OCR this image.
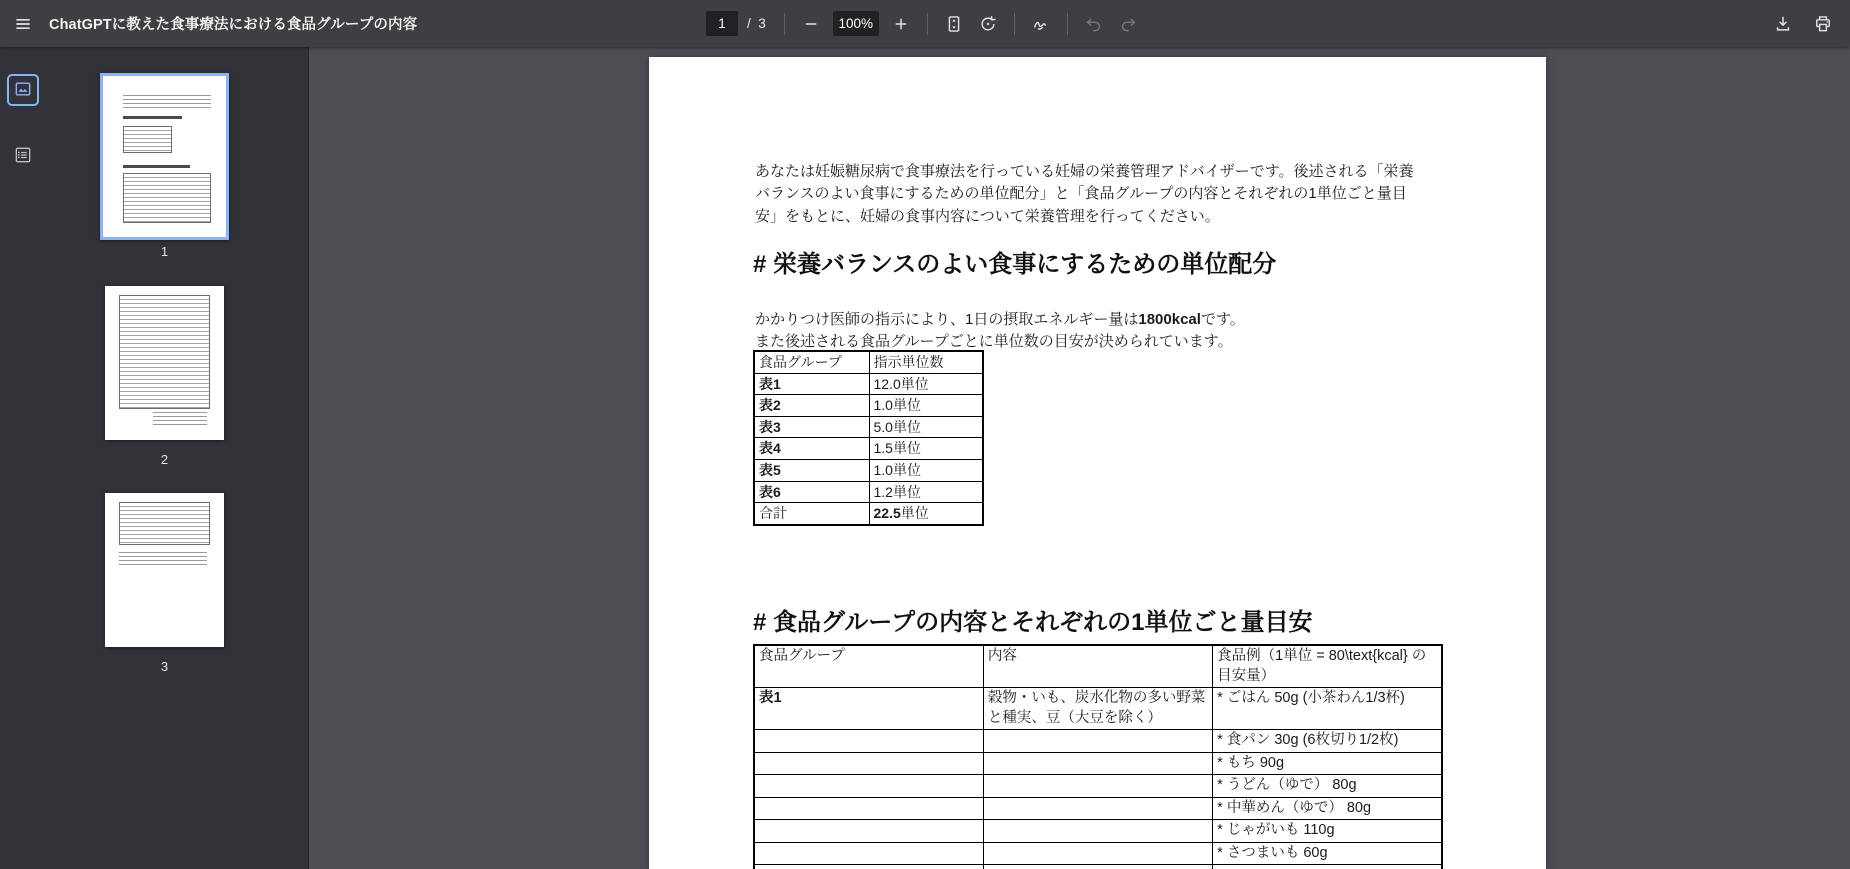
ChatGPTに教えた食事療法における食品グループの内容
1	/  3	100%
1
2
3
あなたは妊娠糖尿病で食事療法を行っている妊婦の栄養管理アドバイザーです。後述される「栄養
バランスのよい食事にするための単位配分」と「食品グループの内容とそれぞれの1単位ごと量目
安」をもとに、妊婦の食事内容について栄養管理を行ってください。
# 栄養バランスのよい食事にするための単位配分
かかりつけ医師の指示により、1日の摂取エネルギー量は1800kcalです。
また後述される食品グループごとに単位数の目安が決められています。
食品グループ	指示単位数
表1	12.0単位
表2	1.0単位
表3	5.0単位
表4	1.5単位
表5	1.0単位
表6	1.2単位
合計	22.5単位
# 食品グループの内容とそれぞれの1単位ごと量目安
食品グループ	内容	食品例（1単位 = 80\text{kcal} の目安量）
表1	穀物・いも、炭水化物の多い野菜と種実、豆（大豆を除く）	* ごはん 50g (小茶わん1/3杯)
		* 食パン 30g (6枚切り1/2枚)
		* もち 90g
		* うどん（ゆで） 80g
		* 中華めん（ゆで） 80g
		* じゃがいも 110g
		* さつまいも 60g
